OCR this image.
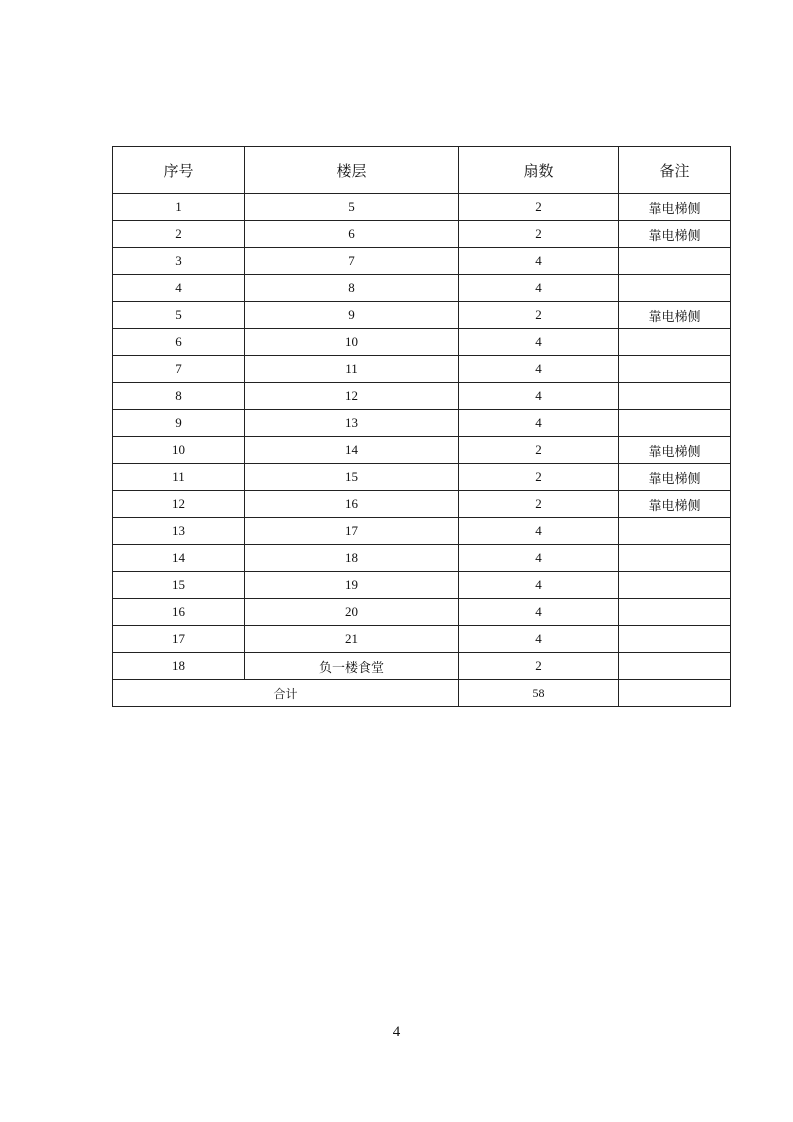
序号	楼层	扇数	备注
1	5	2	靠电梯侧
2	6	2	靠电梯侧
3	7	4	
4	8	4	
5	9	2	靠电梯侧
6	10	4	
7	11	4	
8	12	4	
9	13	4	
10	14	2	靠电梯侧
11	15	2	靠电梯侧
12	16	2	靠电梯侧
13	17	4	
14	18	4	
15	19	4	
16	20	4	
17	21	4	
18	负一楼食堂	2	
合计		58	
4
